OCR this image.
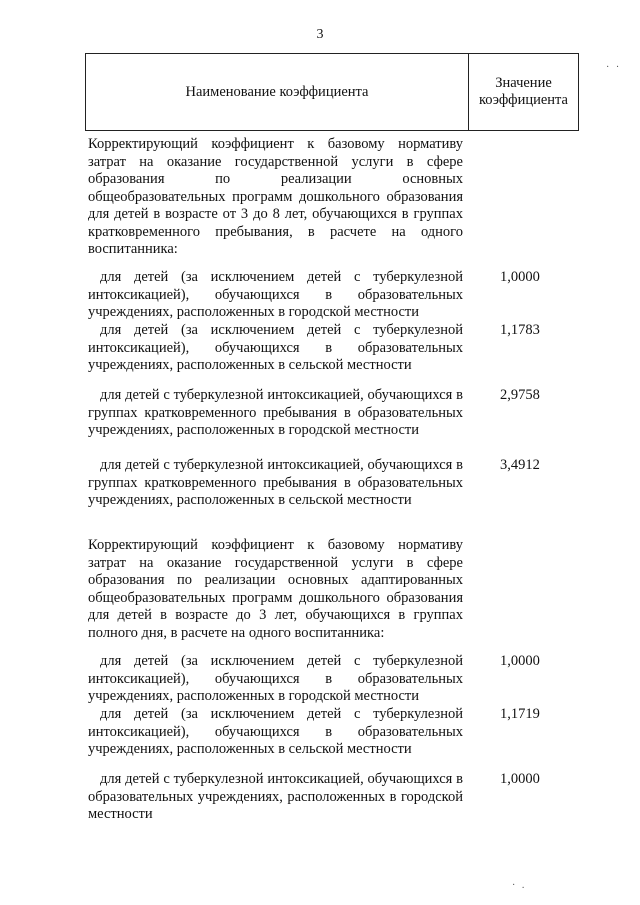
3
Наименование коэффициента
Значение
коэффициента
Корректирующий коэффициент к базовому нормативу затрат на оказание государственной услуги в сфере образования по реализации основных общеобразовательных программ дошкольного образования для детей в возрасте от 3 до 8 лет, обучающихся в группах кратковременного пребывания, в расчете на одного воспитанника:
для детей (за исключением детей с туберкулезной интоксикацией), обучающихся в образовательных учреждениях, расположенных в городской местности
1,0000
для детей (за исключением детей с туберкулезной интоксикацией), обучающихся в образовательных учреждениях, расположенных в сельской местности
1,1783
для детей с туберкулезной интоксикацией, обучающихся в группах кратковременного пребывания в образовательных учреждениях, расположенных в городской местности
2,9758
для детей с туберкулезной интоксикацией, обучающихся в группах кратковременного пребывания в образовательных учреждениях, расположенных в сельской местности
3,4912
Корректирующий коэффициент к базовому нормативу затрат на оказание государственной услуги в сфере образования по реализации основных адаптированных общеобразовательных программ дошкольного образования для детей в возрасте до 3 лет, обучающихся в группах полного дня, в расчете на одного воспитанника:
для детей (за исключением детей с туберкулезной интоксикацией), обучающихся в образовательных учреждениях, расположенных в городской местности
1,0000
для детей (за исключением детей с туберкулезной интоксикацией), обучающихся в образовательных учреждениях, расположенных в сельской местности
1,1719
для детей с туберкулезной интоксикацией, обучающихся в образовательных учреждениях, расположенных в городской местности
1,0000
· ·
· .
